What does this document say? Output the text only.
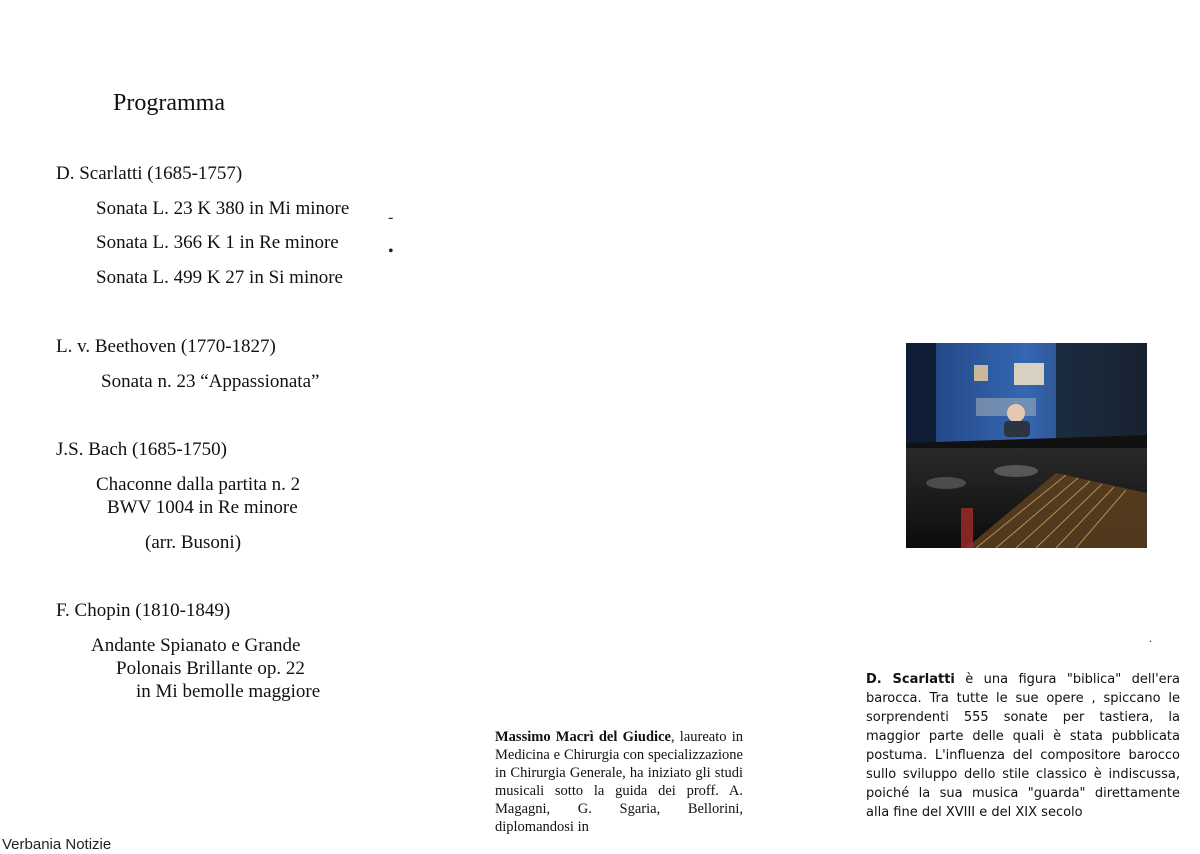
Programma
D. Scarlatti (1685-1757)
Sonata L. 23 K 380 in Mi minore
Sonata L. 366 K 1 in Re minore
Sonata L. 499 K 27 in Si minore
-
•
L. v. Beethoven (1770-1827)
Sonata n. 23 “Appassionata”
J.S. Bach (1685-1750)
Chaconne dalla partita n. 2
BWV 1004 in Re minore
(arr. Busoni)
F. Chopin (1810-1849)
Andante Spianato e Grande
Polonais Brillante op. 22
in Mi bemolle maggiore
.
D. Scarlatti è una figura "biblica" dell'era barocca. Tra tutte le sue opere , spiccano le sorprendenti 555 sonate per tastiera, la maggior parte delle quali è stata pubblicata postuma. L'influenza del compositore barocco sullo sviluppo dello stile classico è indiscussa, poiché la sua musica "guarda" direttamente alla fine del XVIII e del XIX secolo
Massimo Macrì del Giudice, laureato in Medicina e Chirurgia con specializzazione in Chirurgia Generale, ha iniziato gli studi musicali sotto la guida dei proff. A. Magagni, G. Sgaria, Bellorini, diplomandosi in
Verbania Notizie
